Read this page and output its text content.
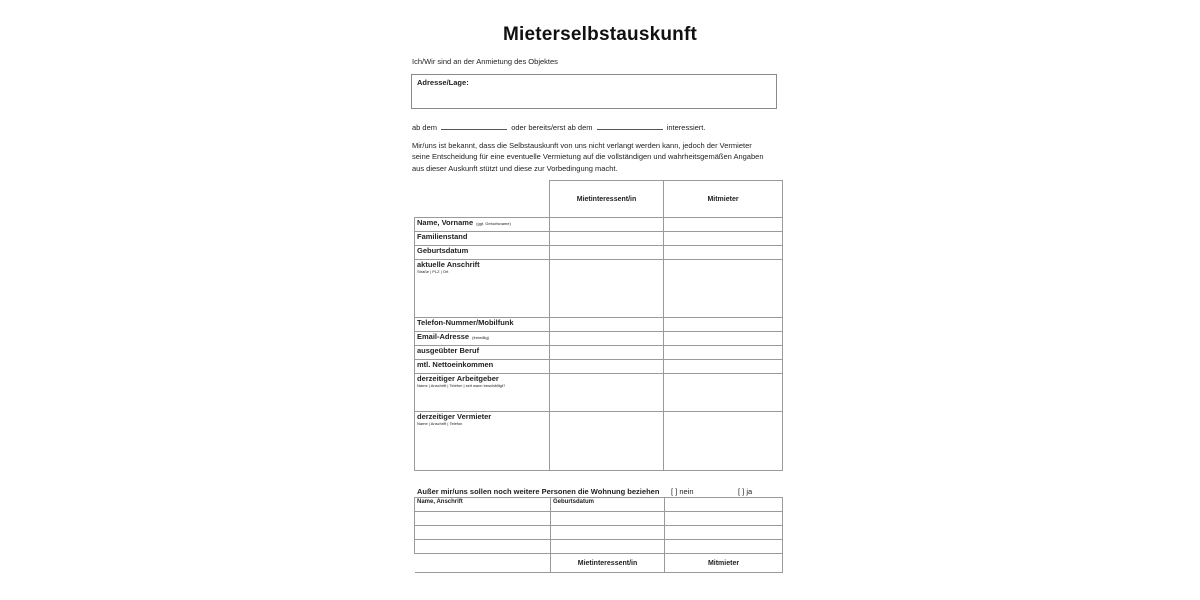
Mieterselbstauskunft
Ich/Wir sind an der Anmietung des Objektes
Adresse/Lage:
ab dem	oder bereits/erst ab dem	interessiert.
Mir/uns ist bekannt, dass die Selbstauskunft von uns nicht verlangt werden kann, jedoch der Vermieter seine Entscheidung für eine eventuelle Vermietung auf die vollständigen und wahrheitsgemäßen Angaben aus dieser Auskunft stützt und diese zur Vorbedingung macht.
	Mietinteressent/in	Mitmieter
Name, Vorname (ggf. Geburtsname)		
Familienstand		
Geburtsdatum		

aktuelle Anschrift
Straße | PLZ | Ort		

Telefon-Nummer/Mobilfunk		
Email-Adresse (freiwillig)		
ausgeübter Beruf		
mtl. Nettoeinkommen		

derzeitiger Arbeitgeber
Name | Anschrift | Telefon | seit wann beschäftigt?		

derzeitiger Vermieter
Name | Anschrift | Telefon		

Außer mir/uns sollen noch weitere Personen die Wohnung beziehen [ ] nein	[ ] ja
Name, Anschrift	Geburtsdatum	

	Mietinteressent/in	Mitmieter
